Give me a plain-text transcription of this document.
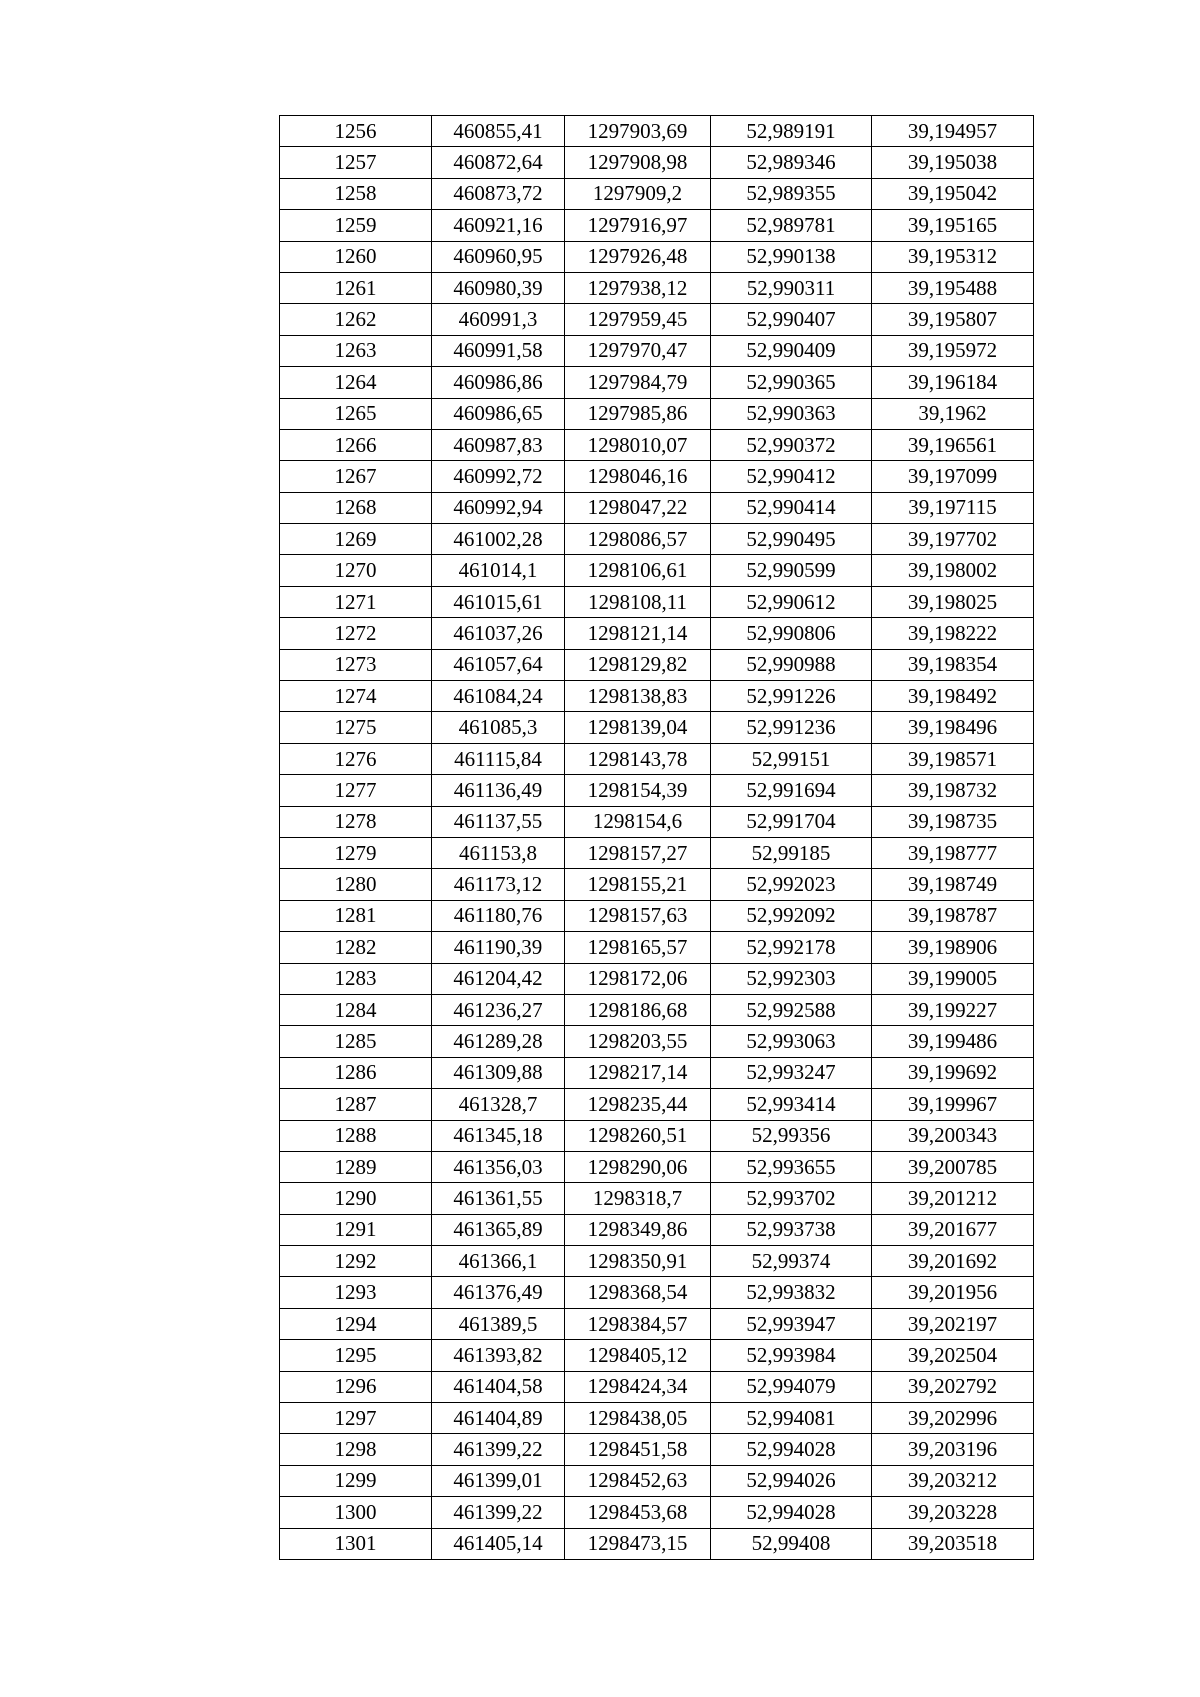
1256	460855,41	1297903,69	52,989191	39,194957
1257	460872,64	1297908,98	52,989346	39,195038
1258	460873,72	1297909,2	52,989355	39,195042
1259	460921,16	1297916,97	52,989781	39,195165
1260	460960,95	1297926,48	52,990138	39,195312
1261	460980,39	1297938,12	52,990311	39,195488
1262	460991,3	1297959,45	52,990407	39,195807
1263	460991,58	1297970,47	52,990409	39,195972
1264	460986,86	1297984,79	52,990365	39,196184
1265	460986,65	1297985,86	52,990363	39,1962
1266	460987,83	1298010,07	52,990372	39,196561
1267	460992,72	1298046,16	52,990412	39,197099
1268	460992,94	1298047,22	52,990414	39,197115
1269	461002,28	1298086,57	52,990495	39,197702
1270	461014,1	1298106,61	52,990599	39,198002
1271	461015,61	1298108,11	52,990612	39,198025
1272	461037,26	1298121,14	52,990806	39,198222
1273	461057,64	1298129,82	52,990988	39,198354
1274	461084,24	1298138,83	52,991226	39,198492
1275	461085,3	1298139,04	52,991236	39,198496
1276	461115,84	1298143,78	52,99151	39,198571
1277	461136,49	1298154,39	52,991694	39,198732
1278	461137,55	1298154,6	52,991704	39,198735
1279	461153,8	1298157,27	52,99185	39,198777
1280	461173,12	1298155,21	52,992023	39,198749
1281	461180,76	1298157,63	52,992092	39,198787
1282	461190,39	1298165,57	52,992178	39,198906
1283	461204,42	1298172,06	52,992303	39,199005
1284	461236,27	1298186,68	52,992588	39,199227
1285	461289,28	1298203,55	52,993063	39,199486
1286	461309,88	1298217,14	52,993247	39,199692
1287	461328,7	1298235,44	52,993414	39,199967
1288	461345,18	1298260,51	52,99356	39,200343
1289	461356,03	1298290,06	52,993655	39,200785
1290	461361,55	1298318,7	52,993702	39,201212
1291	461365,89	1298349,86	52,993738	39,201677
1292	461366,1	1298350,91	52,99374	39,201692
1293	461376,49	1298368,54	52,993832	39,201956
1294	461389,5	1298384,57	52,993947	39,202197
1295	461393,82	1298405,12	52,993984	39,202504
1296	461404,58	1298424,34	52,994079	39,202792
1297	461404,89	1298438,05	52,994081	39,202996
1298	461399,22	1298451,58	52,994028	39,203196
1299	461399,01	1298452,63	52,994026	39,203212
1300	461399,22	1298453,68	52,994028	39,203228
1301	461405,14	1298473,15	52,99408	39,203518
